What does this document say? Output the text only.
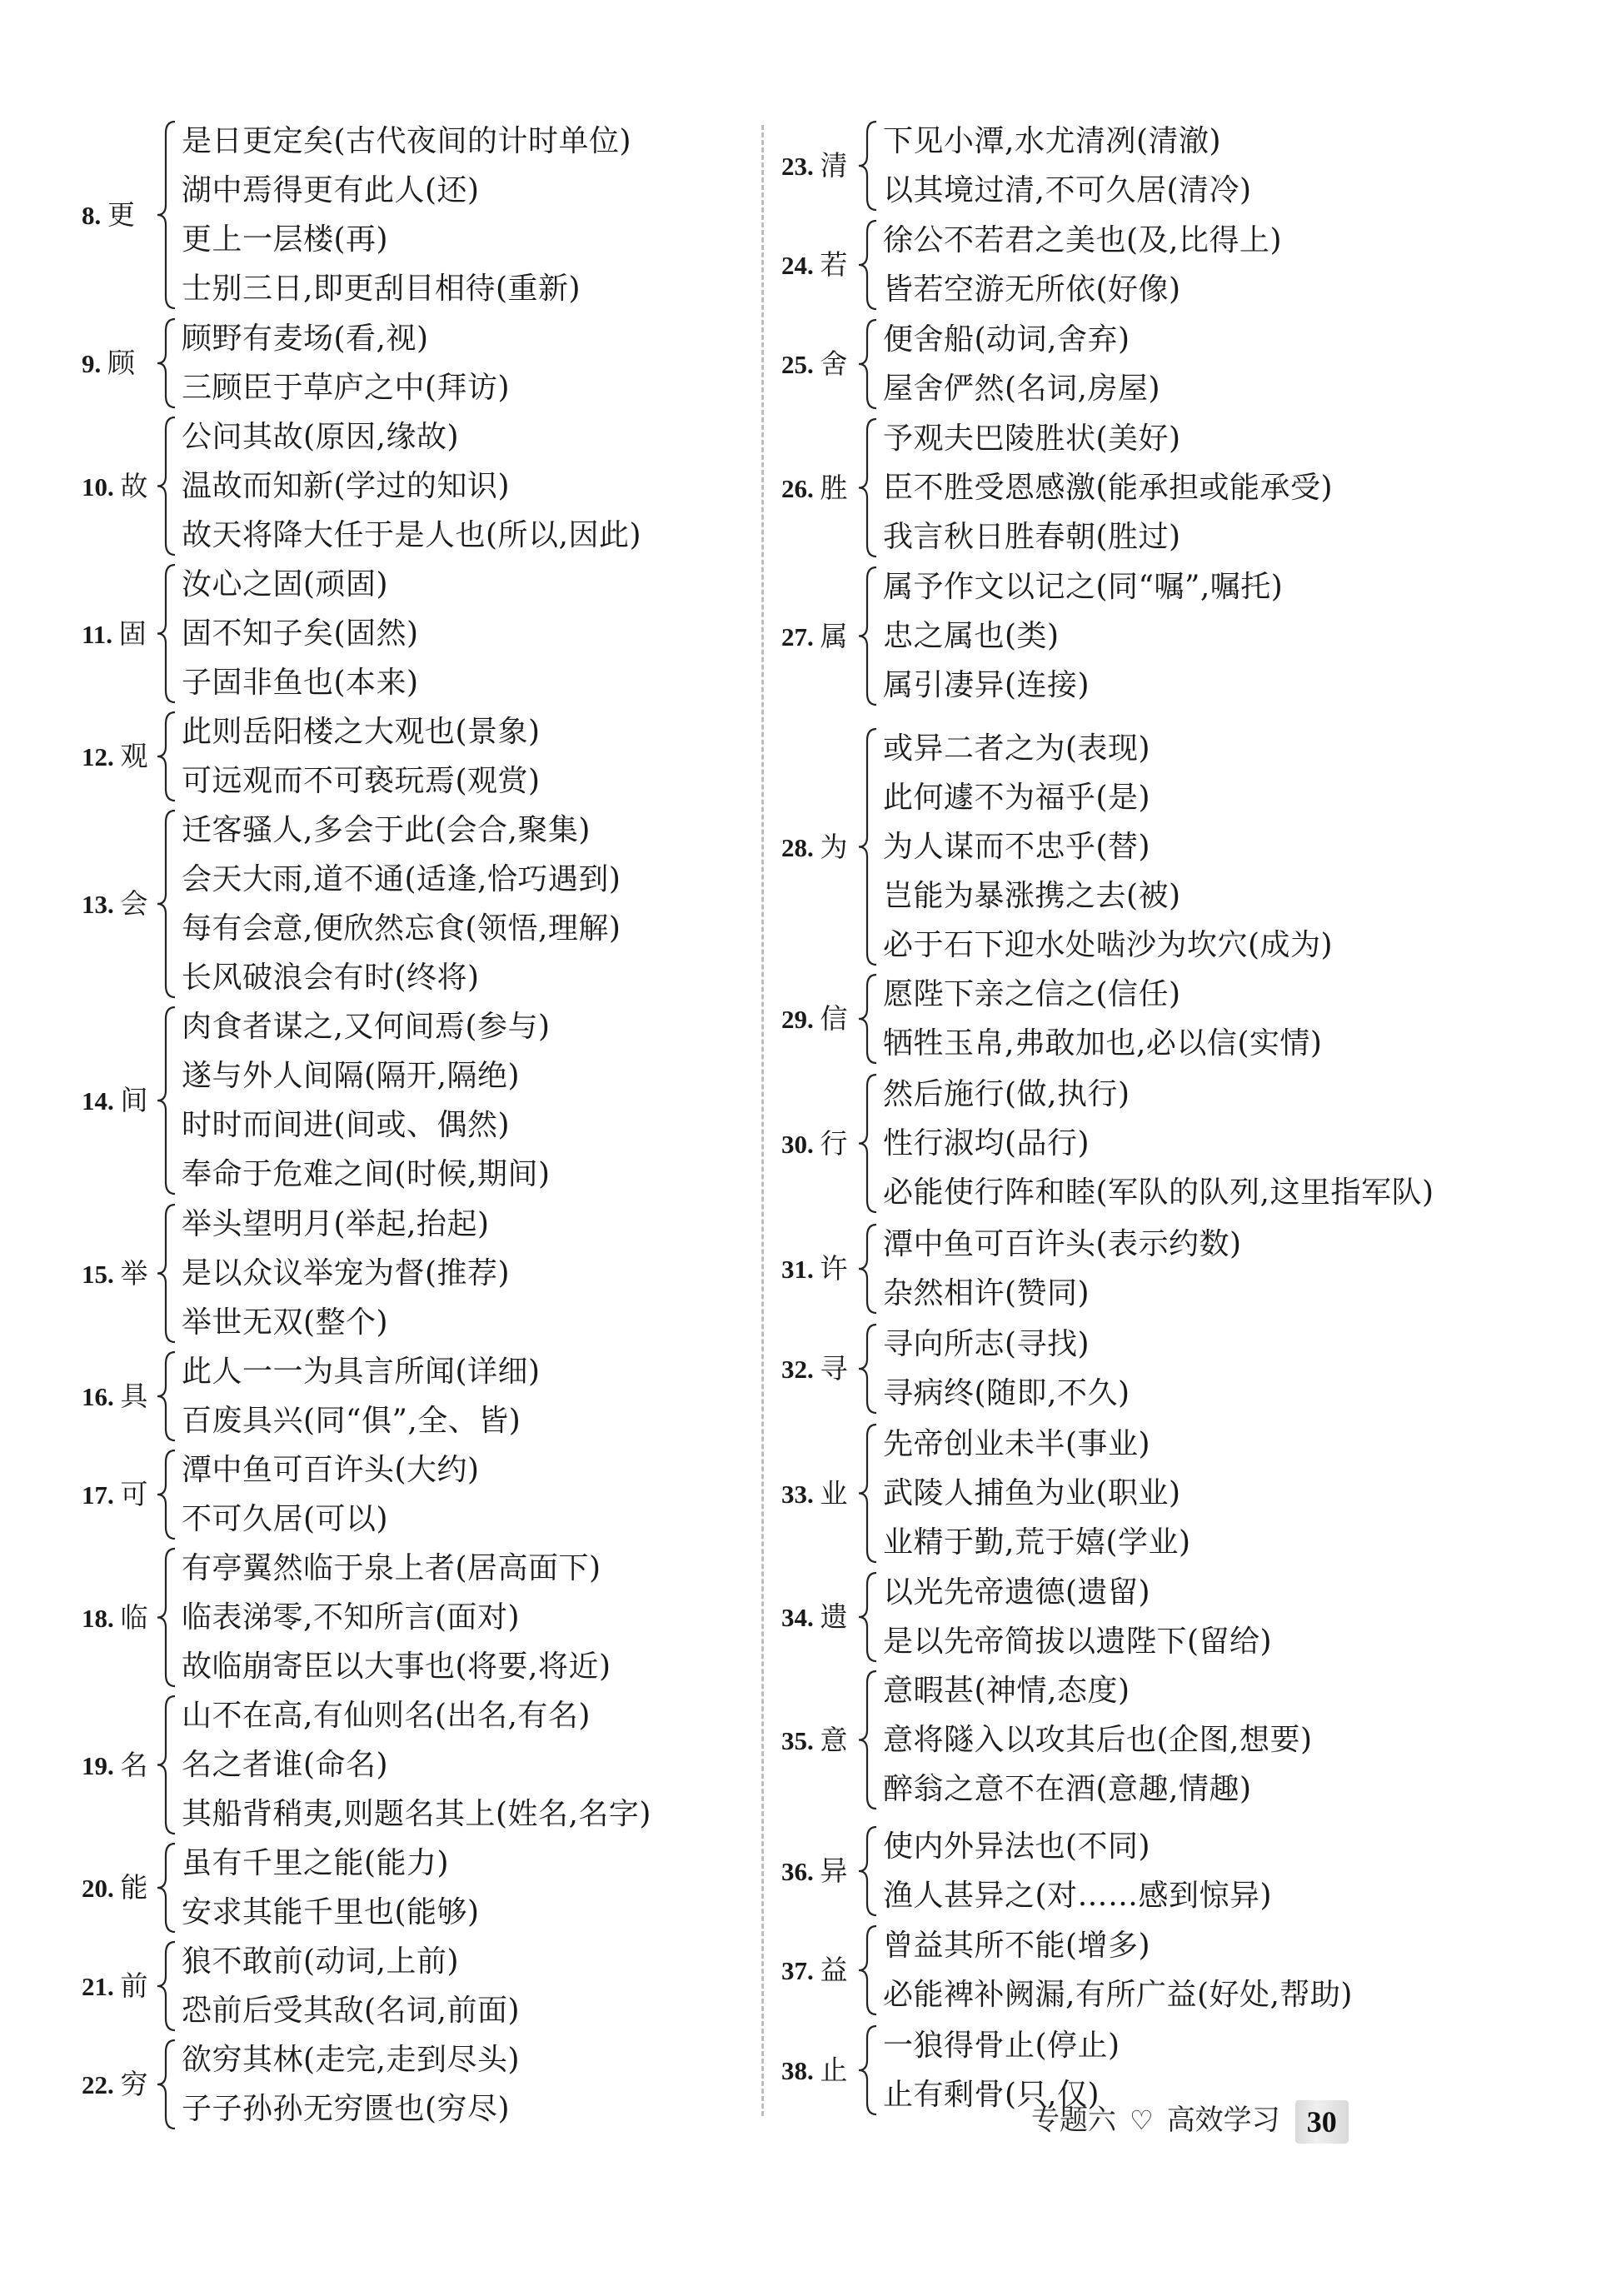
8. 更
是日更定矣(古代夜间的计时单位)
湖中焉得更有此人(还)
更上一层楼(再)
士别三日,即更刮目相待(重新)
9. 顾
顾野有麦场(看,视)
三顾臣于草庐之中(拜访)
10. 故
公问其故(原因,缘故)
温故而知新(学过的知识)
故天将降大任于是人也(所以,因此)
11. 固
汝心之固(顽固)
固不知子矣(固然)
子固非鱼也(本来)
12. 观
此则岳阳楼之大观也(景象)
可远观而不可亵玩焉(观赏)
13. 会
迁客骚人,多会于此(会合,聚集)
会天大雨,道不通(适逢,恰巧遇到)
每有会意,便欣然忘食(领悟,理解)
长风破浪会有时(终将)
14. 间
肉食者谋之,又何间焉(参与)
遂与外人间隔(隔开,隔绝)
时时而间进(间或、偶然)
奉命于危难之间(时候,期间)
15. 举
举头望明月(举起,抬起)
是以众议举宠为督(推荐)
举世无双(整个)
16. 具
此人一一为具言所闻(详细)
百废具兴(同“俱”,全、皆)
17. 可
潭中鱼可百许头(大约)
不可久居(可以)
18. 临
有亭翼然临于泉上者(居高面下)
临表涕零,不知所言(面对)
故临崩寄臣以大事也(将要,将近)
19. 名
山不在高,有仙则名(出名,有名)
名之者谁(命名)
其船背稍夷,则题名其上(姓名,名字)
20. 能
虽有千里之能(能力)
安求其能千里也(能够)
21. 前
狼不敢前(动词,上前)
恐前后受其敌(名词,前面)
22. 穷
欲穷其林(走完,走到尽头)
子子孙孙无穷匮也(穷尽)
23. 清
下见小潭,水尤清冽(清澈)
以其境过清,不可久居(清冷)
24. 若
徐公不若君之美也(及,比得上)
皆若空游无所依(好像)
25. 舍
便舍船(动词,舍弃)
屋舍俨然(名词,房屋)
26. 胜
予观夫巴陵胜状(美好)
臣不胜受恩感激(能承担或能承受)
我言秋日胜春朝(胜过)
27. 属
属予作文以记之(同“嘱”,嘱托)
忠之属也(类)
属引凄异(连接)
28. 为
或异二者之为(表现)
此何遽不为福乎(是)
为人谋而不忠乎(替)
岂能为暴涨携之去(被)
必于石下迎水处啮沙为坎穴(成为)
29. 信
愿陛下亲之信之(信任)
牺牲玉帛,弗敢加也,必以信(实情)
30. 行
然后施行(做,执行)
性行淑均(品行)
必能使行阵和睦(军队的队列,这里指军队)
31. 许
潭中鱼可百许头(表示约数)
杂然相许(赞同)
32. 寻
寻向所志(寻找)
寻病终(随即,不久)
33. 业
先帝创业未半(事业)
武陵人捕鱼为业(职业)
业精于勤,荒于嬉(学业)
34. 遗
以光先帝遗德(遗留)
是以先帝简拔以遗陛下(留给)
35. 意
意暇甚(神情,态度)
意将隧入以攻其后也(企图,想要)
醉翁之意不在酒(意趣,情趣)
36. 异
使内外异法也(不同)
渔人甚异之(对……感到惊异)
37. 益
曾益其所不能(增多)
必能裨补阙漏,有所广益(好处,帮助)
38. 止
一狼得骨止(停止)
止有剩骨(只,仅)
专题六 ♡ 高效学习 30
